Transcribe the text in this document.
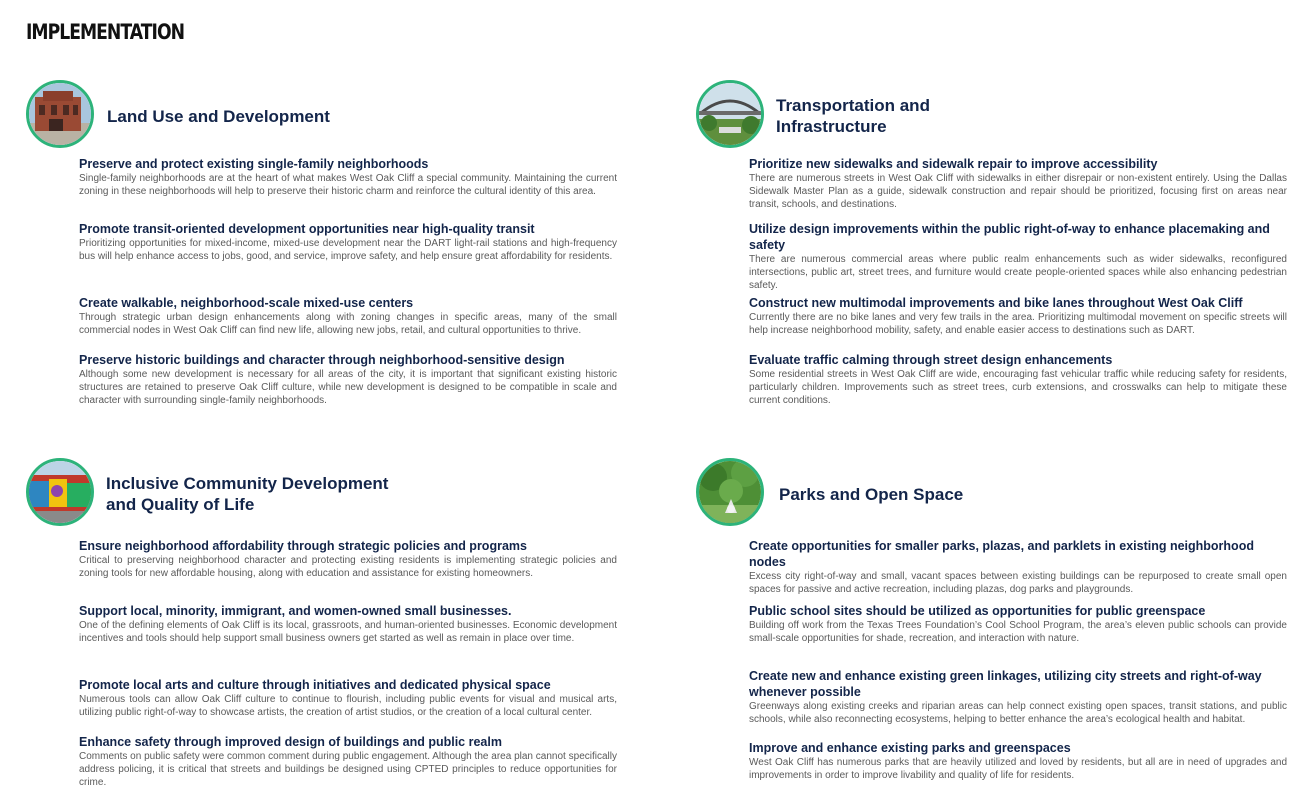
IMPLEMENTATION
Land Use and Development
Preserve and protect existing single-family neighborhoods
Single-family neighborhoods are at the heart of what makes West Oak Cliff a special community. Maintaining the current zoning in these neighborhoods will help to preserve their historic charm and reinforce the cultural identity of this area.
Promote transit-oriented development opportunities near high-quality transit
Prioritizing opportunities for mixed-income, mixed-use development near the DART light-rail stations and high-frequency bus will help enhance access to jobs, good, and service, improve safety, and help ensure great affordability for residents.
Create walkable, neighborhood-scale mixed-use centers
Through strategic urban design enhancements along with zoning changes in specific areas, many of the small commercial nodes in West Oak Cliff can find new life, allowing new jobs, retail, and cultural opportunities to thrive.
Preserve historic buildings and character through neighborhood-sensitive design
Although some new development is necessary for all areas of the city, it is important that significant existing historic structures are retained to preserve Oak Cliff culture, while new development is designed to be compatible in scale and character with surrounding single-family neighborhoods.
Transportation and
Infrastructure
Prioritize new sidewalks and sidewalk repair to improve accessibility
There are numerous streets in West Oak Cliff with sidewalks in either disrepair or non-existent entirely. Using the Dallas Sidewalk Master Plan as a guide, sidewalk construction and repair should be prioritized, focusing first on areas near transit, schools, and destinations.
Utilize design improvements within the public right-of-way to enhance placemaking and safety
There are numerous commercial areas where public realm enhancements such as wider sidewalks, reconfigured intersections, public art, street trees, and furniture would create people-oriented spaces while also enhancing pedestrian safety.
Construct new multimodal improvements and bike lanes throughout West Oak Cliff
Currently there are no bike lanes and very few trails in the area. Prioritizing multimodal movement on specific streets will help increase neighborhood mobility, safety, and enable easier access to destinations such as DART.
Evaluate traffic calming through street design enhancements
Some residential streets in West Oak Cliff are wide, encouraging fast vehicular traffic while reducing safety for residents, particularly children. Improvements such as street trees, curb extensions, and crosswalks can help to mitigate these current conditions.
Inclusive Community Development
and Quality of Life
Ensure neighborhood affordability through strategic policies and programs
Critical to preserving neighborhood character and protecting existing residents is implementing strategic policies and zoning tools for new affordable housing, along with education and assistance for existing homeowners.
Support local, minority, immigrant, and women-owned small businesses.
One of the defining elements of Oak Cliff is its local, grassroots, and human-oriented businesses. Economic development incentives and tools should help support small business owners get started as well as remain in place over time.
Promote local arts and culture through initiatives and dedicated physical space
Numerous tools can allow Oak Cliff culture to continue to flourish, including public events for visual and musical arts, utilizing public right-of-way to showcase artists, the creation of artist studios, or the creation of a local cultural center.
Enhance safety through improved design of buildings and public realm
Comments on public safety were common comment during public engagement. Although the area plan cannot specifically address policing, it is critical that streets and buildings be designed using CPTED principles to reduce opportunities for crime.
Parks and Open Space
Create opportunities for smaller parks, plazas, and parklets in existing neighborhood nodes
Excess city right-of-way and small, vacant spaces between existing buildings can be repurposed to create small open spaces for passive and active recreation, including plazas, dog parks and playgrounds.
Public school sites should be utilized as opportunities for public greenspace
Building off work from the Texas Trees Foundation’s Cool School Program, the area’s eleven public schools can provide small-scale opportunities for shade, recreation, and interaction with nature.
Create new and enhance existing green linkages, utilizing city streets and right-of-way whenever possible
Greenways along existing creeks and riparian areas can help connect existing open spaces, transit stations, and public schools, while also reconnecting ecosystems, helping to better enhance the area’s ecological health and habitat.
Improve and enhance existing parks and greenspaces
West Oak Cliff has numerous parks that are heavily utilized and loved by residents, but all are in need of upgrades and improvements in order to improve livability and quality of life for residents.
